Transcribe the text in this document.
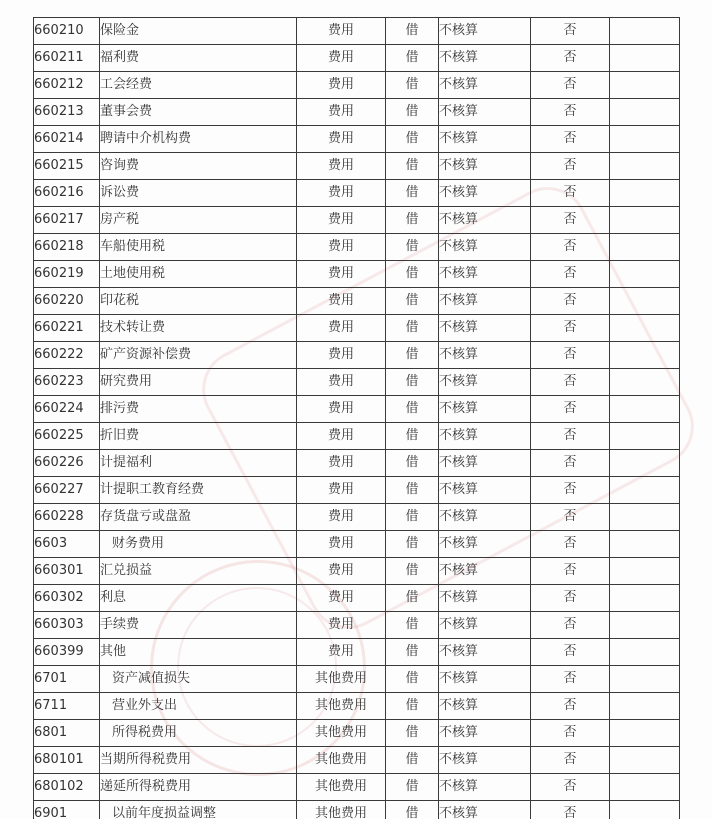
660210	保险金	费用	借	不核算	否	
660211	福利费	费用	借	不核算	否	
660212	工会经费	费用	借	不核算	否	
660213	董事会费	费用	借	不核算	否	
660214	聘请中介机构费	费用	借	不核算	否	
660215	咨询费	费用	借	不核算	否	
660216	诉讼费	费用	借	不核算	否	
660217	房产税	费用	借	不核算	否	
660218	车船使用税	费用	借	不核算	否	
660219	土地使用税	费用	借	不核算	否	
660220	印花税	费用	借	不核算	否	
660221	技术转让费	费用	借	不核算	否	
660222	矿产资源补偿费	费用	借	不核算	否	
660223	研究费用	费用	借	不核算	否	
660224	排污费	费用	借	不核算	否	
660225	折旧费	费用	借	不核算	否	
660226	计提福利	费用	借	不核算	否	
660227	计提职工教育经费	费用	借	不核算	否	
660228	存货盘亏或盘盈	费用	借	不核算	否	
6603	财务费用	费用	借	不核算	否	
660301	汇兑损益	费用	借	不核算	否	
660302	利息	费用	借	不核算	否	
660303	手续费	费用	借	不核算	否	
660399	其他	费用	借	不核算	否	
6701	资产减值损失	其他费用	借	不核算	否	
6711	营业外支出	其他费用	借	不核算	否	
6801	所得税费用	其他费用	借	不核算	否	
680101	当期所得税费用	其他费用	借	不核算	否	
680102	递延所得税费用	其他费用	借	不核算	否	
6901	以前年度损益调整	其他费用	借	不核算	否	
